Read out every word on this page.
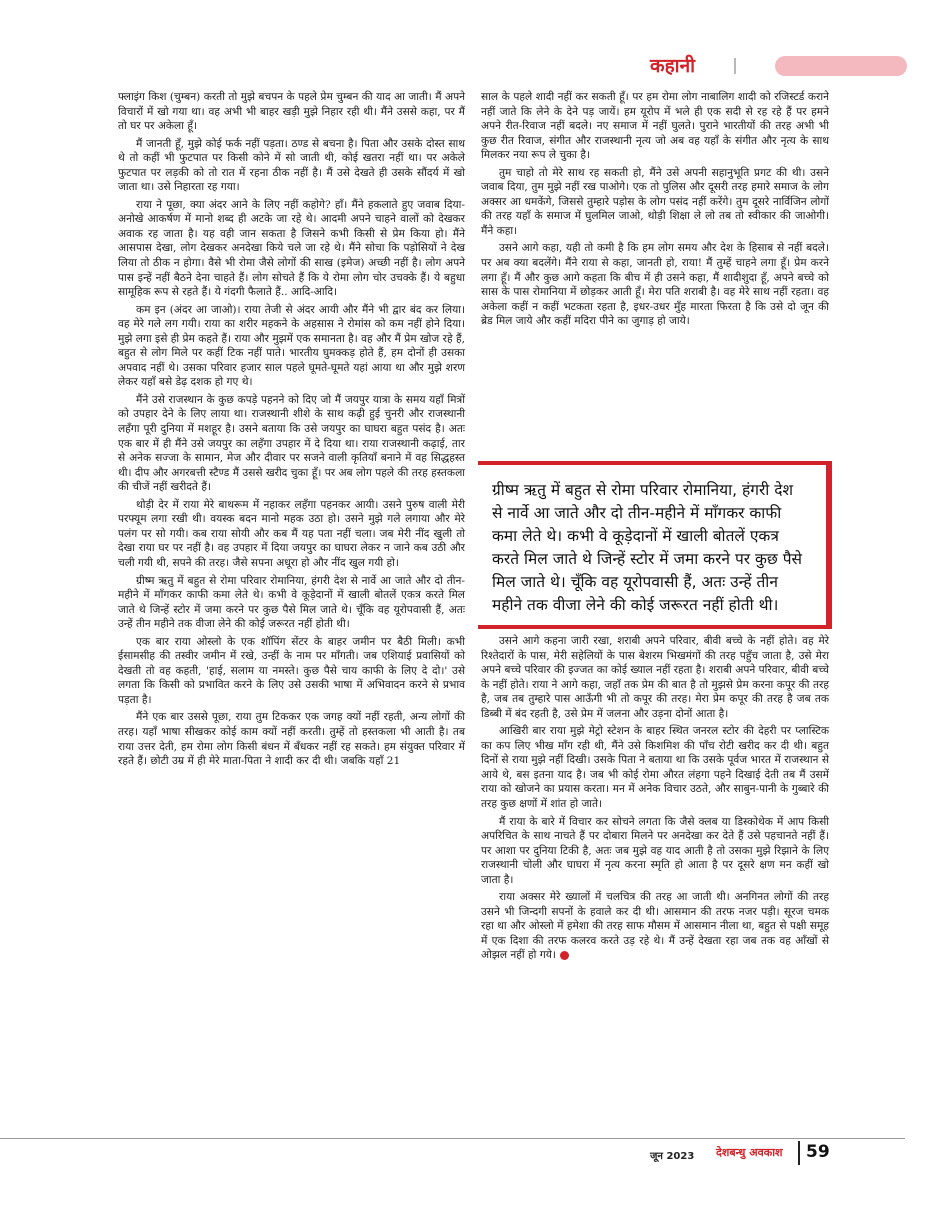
कहानी

फ्लाइंग किश (चुम्बन) करती तो मुझे बचपन के पहले प्रेम चुम्बन की याद आ जाती। मैं अपने विचारों में खो गया था। वह अभी भी बाहर खड़ी मुझे निहार रही थी। मैंने उससे कहा, पर मैं तो घर पर अकेला हूँ।

मैं जानती हूँ, मुझे कोई फर्क नहीं पड़ता। ठण्ड से बचना है। पिता और उसके दोस्त साथ थे तो कहीं भी फुटपात पर किसी कोने में सो जाती थी, कोई खतरा नहीं था। पर अकेले फुटपात पर लड़की को तो रात में रहना ठीक नहीं है। मैं उसे देखते ही उसके सौंदर्य में खो जाता था। उसे निहारता रह गया।

राया ने पूछा, क्या अंदर आने के लिए नहीं कहोगे? हाँ। मैंने हकलाते हुए जवाब दिया- अनोखे आकर्षण में मानो शब्द ही अटके जा रहे थे। आदमी अपने चाहने वालों को देखकर अवाक रह जाता है। यह वही जान सकता है जिसने कभी किसी से प्रेम किया हो। मैंने आसपास देखा, लोग देखकर अनदेखा किये चले जा रहे थे। मैंने सोचा कि पड़ोसियों ने देख लिया तो ठीक न होगा। वैसे भी रोमा जैसे लोगों की साख (इमेज) अच्छी नहीं है। लोग अपने पास इन्हें नहीं बैठने देना चाहते हैं। लोग सोचते हैं कि ये रोमा लोग चोर उचक्के हैं। ये बहुधा सामूहिक रूप से रहते हैं। ये गंदगी फैलाते हैं.. आदि-आदि।

कम इन (अंदर आ जाओ)। राया तेजी से अंदर आयी और मैंने भी द्वार बंद कर लिया। वह मेरे गले लग गयी। राया का शरीर महकने के अहसास ने रोमांस को कम नहीं होने दिया। मुझे लगा इसे ही प्रेम कहते हैं। राया और मुझमें एक समानता है। वह और मैं प्रेम खोज रहे हैं, बहुत से लोग मिले पर कहीं टिक नहीं पाते। भारतीय घुमक्कड़ होते हैं, हम दोनों ही उसका अपवाद नहीं थे। उसका परिवार हजार साल पहले घूमते-घूमते यहां आया था और मुझे शरण लेकर यहाँ बसे डेढ़ दशक हो गए थे।

मैंने उसे राजस्थान के कुछ कपड़े पहनने को दिए जो मैं जयपुर यात्रा के समय यहाँ मित्रों को उपहार देने के लिए लाया था। राजस्थानी शीशे के साथ कढ़ी हुई चुनरी और राजस्थानी लहँगा पूरी दुनिया में मशहूर है। उसने बताया कि उसे जयपुर का घाघरा बहुत पसंद है। अतः एक बार में ही मैंने उसे जयपुर का लहँगा उपहार में दे दिया था। राया राजस्थानी कढ़ाई, तार से अनेक सज्जा के सामान, मेज और दीवार पर सजने वाली कृतियाँ बनाने में वह सिद्धहस्त थी। दीप और अगरबत्ती स्टैण्ड मैं उससे खरीद चुका हूँ। पर अब लोग पहले की तरह हस्तकला की चीजें नहीं खरीदते हैं।

थोड़ी देर में राया मेरे बाथरूम में नहाकर लहँगा पहनकर आयी। उसने पुरुष वाली मेरी परफ्यूम लगा रखी थी। वयस्क बदन मानो महक उठा हो। उसने मुझे गले लगाया और मेरे पलंग पर सो गयी। कब राया सोयी और कब मैं यह पता नहीं चला। जब मेरी नींद खुली तो देखा राया घर पर नहीं है। वह उपहार में दिया जयपुर का घाघरा लेकर न जाने कब उठी और चली गयी थी, सपने की तरह। जैसे सपना अधूरा हो और नींद खुल गयी हो।

ग्रीष्म ऋतु में बहुत से रोमा परिवार रोमानिया, हंगरी देश से नार्वे आ जाते और दो तीन-महीने में माँगकर काफी कमा लेते थे। कभी वे कूड़ेदानों में खाली बोतलें एकत्र करते मिल जाते थे जिन्हें स्टोर में जमा करने पर कुछ पैसे मिल जाते थे। चूँकि वह यूरोपवासी हैं, अतः उन्हें तीन महीने तक वीजा लेने की कोई जरूरत नहीं होती थी।

एक बार राया ओस्लो के एक शॉपिंग सेंटर के बाहर जमीन पर बैठी मिली। कभी ईसामसीह की तस्वीर जमीन में रखे, उन्हीं के नाम पर माँगती। जब एशियाई प्रवासियों को देखती तो वह कहती, 'हाई, सलाम या नमस्ते। कुछ पैसे चाय काफी के लिए दे दो।' उसे लगता कि किसी को प्रभावित करने के लिए उसे उसकी भाषा में अभिवादन करने से प्रभाव पड़ता है।

मैंने एक बार उससे पूछा, राया तुम टिककर एक जगह क्यों नहीं रहती, अन्य लोगों की तरह। यहाँ भाषा सीखकर कोई काम क्यों नहीं करती। तुम्हें तो हस्तकला भी आती है। तब राया उत्तर देती, हम रोमा लोग किसी बंधन में बँधकर नहीं रह सकते। हम संयुक्त परिवार में रहते हैं। छोटी उम्र में ही मेरे माता-पिता ने शादी कर दी थी। जबकि यहाँ 21

साल के पहले शादी नहीं कर सकती हूँ। पर हम रोमा लोग नाबालिग शादी को रजिस्टर्ड कराने नहीं जाते कि लेने के देने पड़ जायें। हम यूरोप में भले ही एक सदी से रह रहे हैं पर हमने अपने रीत-रिवाज नहीं बदले। नए समाज में नहीं घुलते। पुराने भारतीयों की तरह अभी भी कुछ रीत रिवाज, संगीत और राजस्थानी नृत्य जो अब वह यहाँ के संगीत और नृत्य के साथ मिलकर नया रूप ले चुका है।

तुम चाहो तो मेरे साथ रह सकती हो, मैंने उसे अपनी सहानुभूति प्रगट की थी। उसने जवाब दिया, तुम मुझे नहीं रख पाओगे। एक तो पुलिस और दूसरी तरह हमारे समाज के लोग अक्सर आ धमकेंगे, जिससे तुम्हारे पड़ोस के लोग पसंद नहीं करेंगे। तुम दूसरे नार्विजिन लोगों की तरह यहाँ के समाज में घुलमिल जाओ, थोड़ी शिक्षा ले लो तब तो स्वीकार की जाओगी। मैंने कहा।

उसने आगे कहा, यही तो कमी है कि हम लोग समय और देश के हिसाब से नहीं बदले। पर अब क्या बदलेंगे। मैंने राया से कहा, जानती हो, राया! मैं तुम्हें चाहने लगा हूँ। प्रेम करने लगा हूँ। मैं और कुछ आगे कहता कि बीच में ही उसने कहा, मैं शादीशुदा हूँ, अपने बच्चे को सास के पास रोमानिया में छोड़कर आती हूँ। मेरा पति शराबी है। वह मेरे साथ नहीं रहता। वह अकेला कहीं न कहीं भटकता रहता है, इधर-उधर मुँह मारता फिरता है कि उसे दो जून की ब्रेड मिल जाये और कहीं मदिरा पीने का जुगाड़ हो जाये।

ग्रीष्म ऋतु में बहुत से रोमा परिवार रोमानिया, हंगरी देश से नार्वे आ जाते और दो तीन-महीने में माँगकर काफी कमा लेते थे। कभी वे कूड़ेदानों में खाली बोतलें एकत्र करते मिल जाते थे जिन्हें स्टोर में जमा करने पर कुछ पैसे मिल जाते थे। चूँकि वह यूरोपवासी हैं, अतः उन्हें तीन महीने तक वीजा लेने की कोई जरूरत नहीं होती थी।

उसने आगे कहना जारी रखा, शराबी अपने परिवार, बीवी बच्चे के नहीं होते। वह मेरे रिश्तेदारों के पास, मेरी सहेलियों के पास बेशरम भिखमंगों की तरह पहुँच जाता है, उसे मेरा अपने बच्चे परिवार की इज्जत का कोई ख्याल नहीं रहता है। शराबी अपने परिवार, बीवी बच्चे के नहीं होते। राया ने आगे कहा, जहाँ तक प्रेम की बात है तो मुझसे प्रेम करना कपूर की तरह है, जब तब तुम्हारे पास आऊँगी भी तो कपूर की तरह। मेरा प्रेम कपूर की तरह है जब तक डिब्बी में बंद रहती है, उसे प्रेम में जलना और उड़ना दोनों आता है।

आखिरी बार राया मुझे मेट्रो स्टेशन के बाहर स्थित जनरल स्टोर की देहरी पर प्लास्टिक का कप लिए भीख माँग रही थी, मैंने उसे किशमिश की पाँच रोटी खरीद कर दी थी। बहुत दिनों से राया मुझे नहीं दिखी। उसके पिता ने बताया था कि उसके पूर्वज भारत में राजस्थान से आये थे, बस इतना याद है। जब भी कोई रोमा औरत लंहगा पहने दिखाई देती तब मैं उसमें राया को खोजने का प्रयास करता। मन में अनेक विचार उठते, और साबुन-पानी के गुब्बारे की तरह कुछ क्षणों में शांत हो जाते।

मैं राया के बारे में विचार कर सोचने लगता कि जैसे क्लब या डिस्कोथेक में आप किसी अपरिचित के साथ नाचते हैं पर दोबारा मिलने पर अनदेखा कर देते हैं उसे पहचानते नहीं हैं। पर आशा पर दुनिया टिकी है, अतः जब मुझे वह याद आती है तो उसका मुझे रिझाने के लिए राजस्थानी चोली और घाघरा में नृत्य करना स्मृति हो आता है पर दूसरे क्षण मन कहीं खो जाता है।

राया अक्सर मेरे ख्यालों में चलचित्र की तरह आ जाती थी। अनगिनत लोगों की तरह उसने भी जिन्दगी सपनों के हवाले कर दी थी। आसमान की तरफ नजर पड़ी। सूरज चमक रहा था और ओस्लो में हमेशा की तरह साफ मौसम में आसमान नीला था, बहुत से पक्षी समूह में एक दिशा की तरफ कलरव करते उड़ रहे थे। मैं उन्हें देखता रहा जब तक वह आँखों से ओझल नहीं हो गये।

जून 2023 देशबन्धु अवकाश 59
